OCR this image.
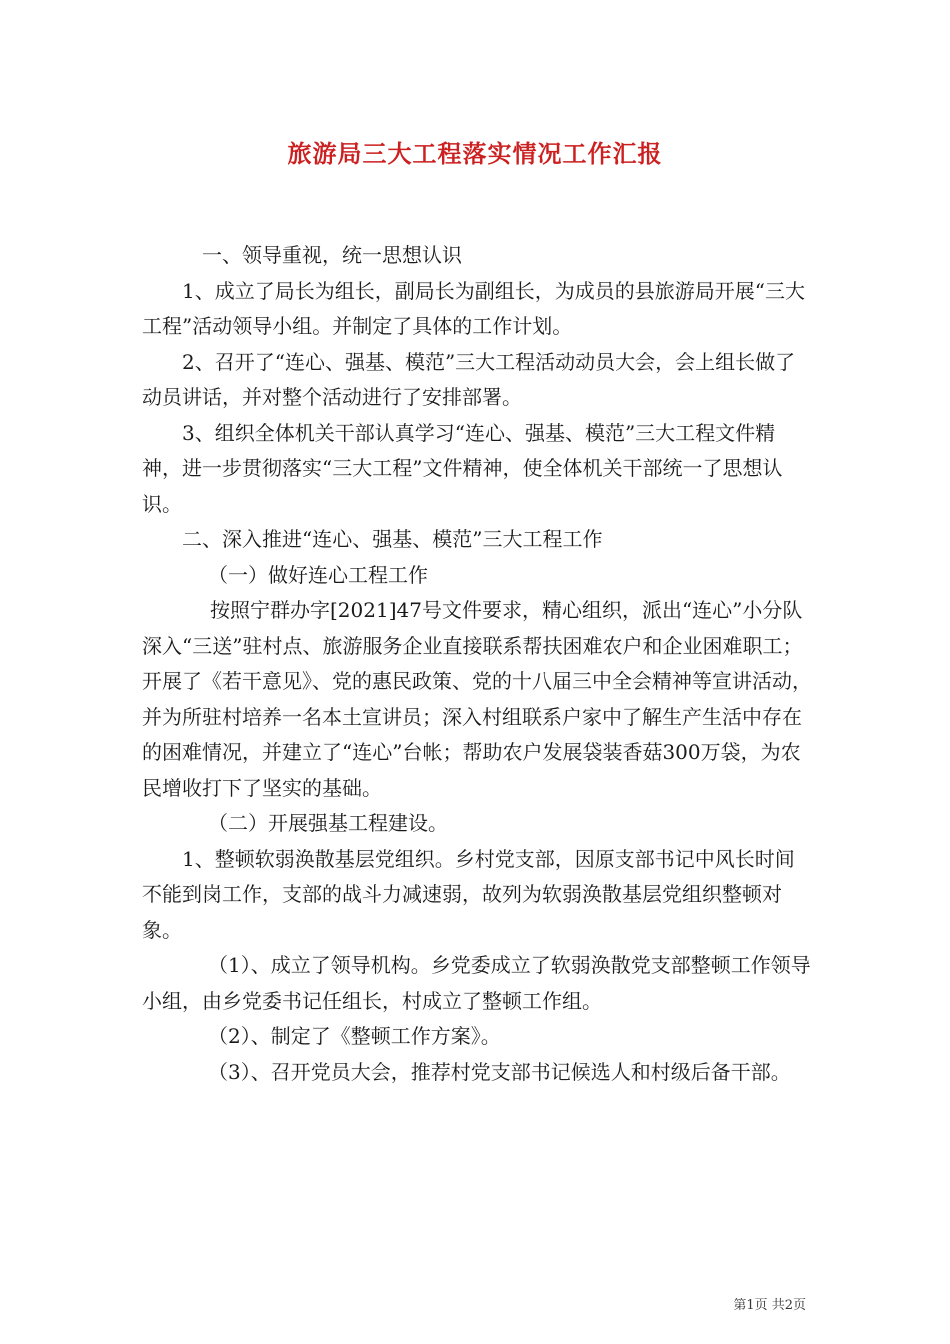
旅游局三大工程落实情况工作汇报

一、领导重视，统一思想认识

1、成立了局长为组长，副局长为副组长，为成员的县旅游局开展“三大工程”活动领导小组。并制定了具体的工作计划。

2、召开了“连心、强基、模范”三大工程活动动员大会，会上组长做了动员讲话，并对整个活动进行了安排部署。

3、组织全体机关干部认真学习“连心、强基、模范”三大工程文件精神，进一步贯彻落实“三大工程”文件精神，使全体机关干部统一了思想认识。

二、深入推进“连心、强基、模范”三大工程工作

（一）做好连心工程工作

按照宁群办字[2021]47号文件要求，精心组织，派出“连心”小分队深入“三送”驻村点、旅游服务企业直接联系帮扶困难农户和企业困难职工；开展了《若干意见》、党的惠民政策、党的十八届三中全会精神等宣讲活动，并为所驻村培养一名本土宣讲员；深入村组联系户家中了解生产生活中存在的困难情况，并建立了“连心”台帐；帮助农户发展袋装香菇300万袋，为农民增收打下了坚实的基础。

（二）开展强基工程建设。

1、整顿软弱涣散基层党组织。乡村党支部，因原支部书记中风长时间不能到岗工作，支部的战斗力减速弱，故列为软弱涣散基层党组织整顿对象。

（1）、成立了领导机构。乡党委成立了软弱涣散党支部整顿工作领导小组，由乡党委书记任组长，村成立了整顿工作组。

（2）、制定了《整顿工作方案》。

（3）、召开党员大会，推荐村党支部书记候选人和村级后备干部。

第1页 共2页
